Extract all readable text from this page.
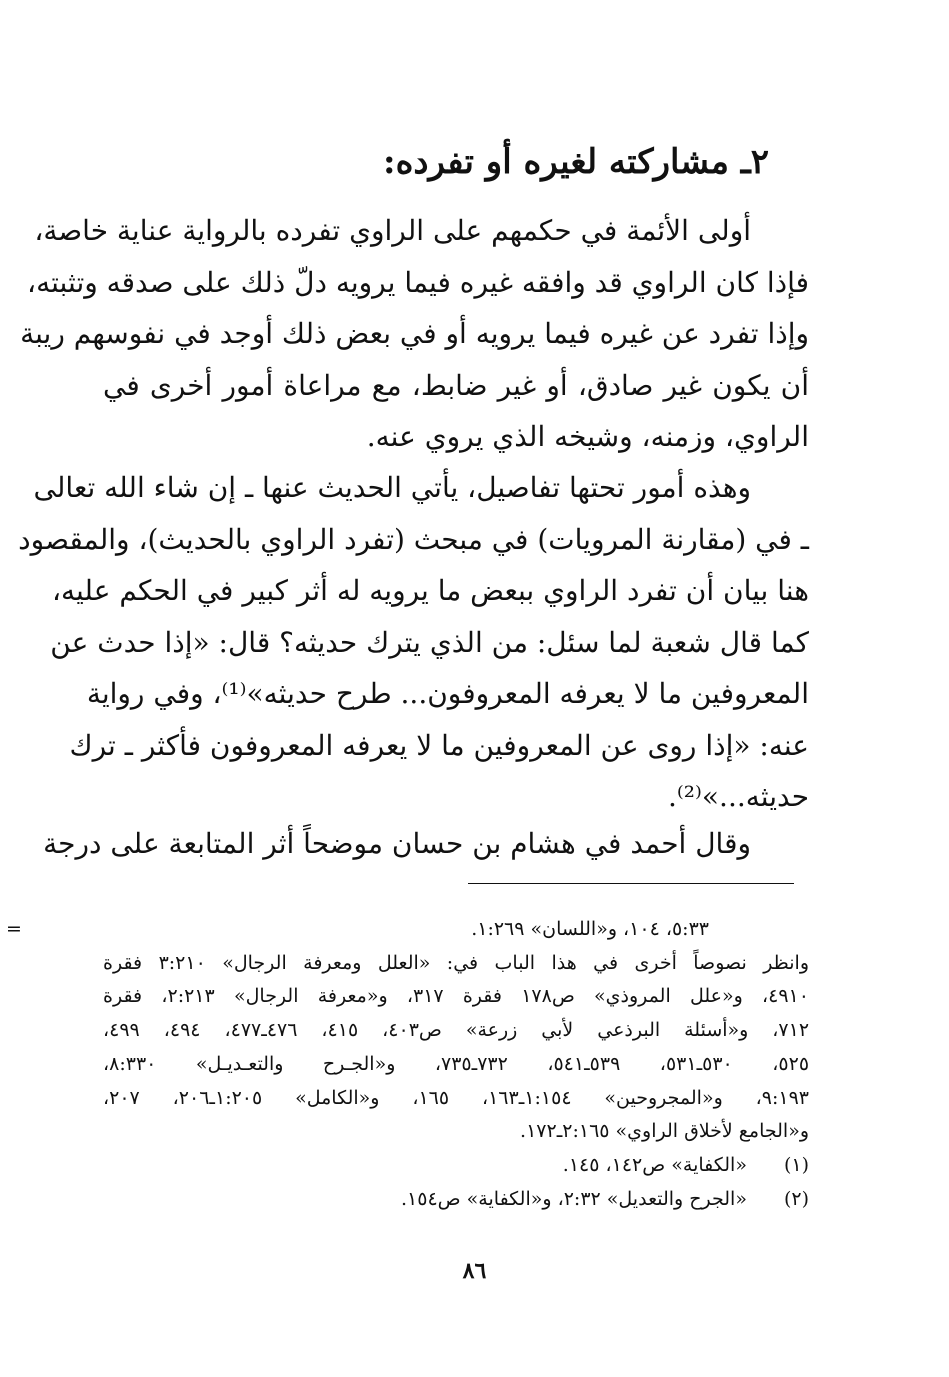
٢ـ مشاركته لغيره أو تفرده:
أولى الأئمة في حكمهم على الراوي تفرده بالرواية عناية خاصة،
فإذا كان الراوي قد وافقه غيره فيما يرويه دلّ ذلك على صدقه وتثبته،
وإذا تفرد عن غيره فيما يرويه أو في بعض ذلك أوجد في نفوسهم ريبة
أن يكون غير صادق، أو غير ضابط، مع مراعاة أمور أخرى في
الراوي، وزمنه، وشيخه الذي يروي عنه.
وهذه أمور تحتها تفاصيل، يأتي الحديث عنها ـ إن شاء الله تعالى
ـ في (مقارنة المرويات) في مبحث (تفرد الراوي بالحديث)، والمقصود
هنا بيان أن تفرد الراوي ببعض ما يرويه له أثر كبير في الحكم عليه،
كما قال شعبة لما سئل: من الذي يترك حديثه؟ قال: «إذا حدث عن
المعروفين ما لا يعرفه المعروفون... طرح حديثه»⁽¹⁾، وفي رواية
عنه: «إذا روى عن المعروفين ما لا يعرفه المعروفون فأكثر ـ ترك
حديثه...»⁽²⁾.
وقال أحمد في هشام بن حسان موضحاً أثر المتابعة على درجة
=	٥:٣٣، ١٠٤، و«اللسان» ١:٢٦٩.
وانظر نصوصاً أخرى في هذا الباب في: «العلل ومعرفة الرجال» ٣:٢١٠ فقرة
٤٩١٠، و«علل المروذي» ص١٧٨ فقرة ٣١٧، و«معرفة الرجال» ٢:٢١٣، فقرة
٧١٢، و«أسئلة البرذعي لأبي زرعة» ص٤٠٣، ٤١٥، ٤٧٦ـ٤٧٧، ٤٩٤، ٤٩٩،
٥٢٥، ٥٣٠ـ٥٣١، ٥٣٩ـ٥٤١، ٧٣٢ـ٧٣٥، و«الجـرح والتعـديـل» ٨:٣٣٠،
٩:١٩٣، و«المجروحين» ١:١٥٤ـ١٦٣، ١٦٥، و«الكامل» ١:٢٠٥ـ٢٠٦، ٢٠٧،
و«الجامع لأخلاق الراوي» ٢:١٦٥ـ١٧٢.
(١) «الكفاية» ص١٤٢، ١٤٥.
(٢) «الجرح والتعديل» ٢:٣٢، و«الكفاية» ص١٥٤.
٨٦
